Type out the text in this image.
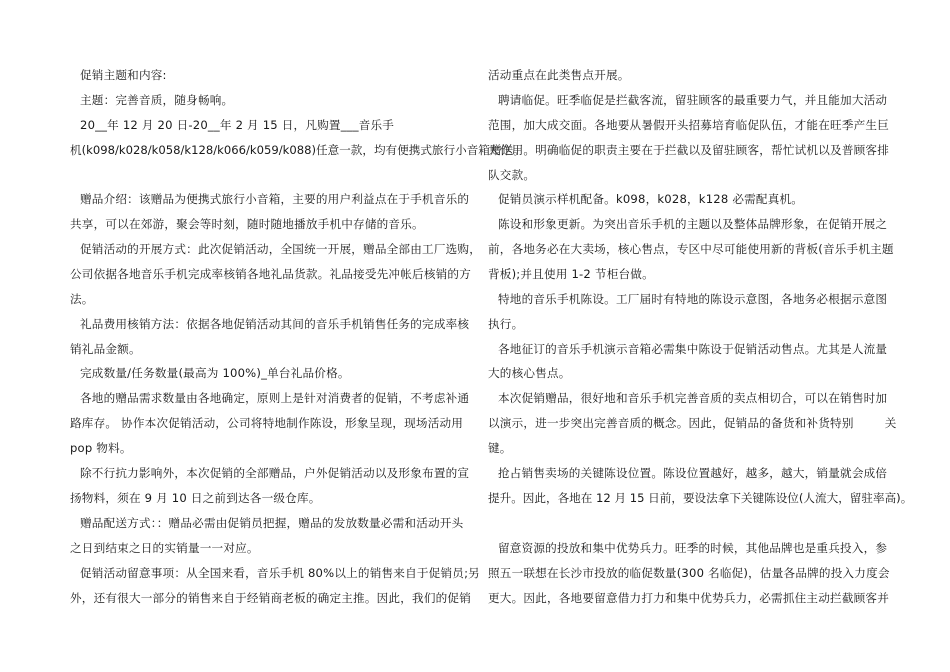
促销主题和内容:
主题：完善音质，随身畅响。
20__年 12 月 20 日-20__年 2 月 15 日，凡购置___音乐手
机(k098/k028/k058/k128/k066/k059/k088)任意一款，均有便携式旅行小音箱赠送。
赠品介绍：该赠品为便携式旅行小音箱，主要的用户利益点在于手机音乐的
共享，可以在郊游，聚会等时刻，随时随地播放手机中存储的音乐。
促销活动的开展方式：此次促销活动，全国统一开展，赠品全部由工厂选购，
公司依据各地音乐手机完成率核销各地礼品货款。礼品接受先冲帐后核销的方
法。
礼品费用核销方法：依据各地促销活动其间的音乐手机销售任务的完成率核
销礼品金额。
完成数量/任务数量(最高为 100%)_单台礼品价格。
各地的赠品需求数量由各地确定，原则上是针对消费者的促销，不考虑补通
路库存。 协作本次促销活动，公司将特地制作陈设，形象呈现，现场活动用
pop 物料。
除不行抗力影响外，本次促销的全部赠品，户外促销活动以及形象布置的宣
扬物料，须在 9 月 10 日之前到达各一级仓库。
赠品配送方式：：赠品必需由促销员把握，赠品的发放数量必需和活动开头
之日到结束之日的实销量一一对应。
促销活动留意事项：从全国来看，音乐手机 80%以上的销售来自于促销员;另
外，还有很大一部分的销售来自于经销商老板的确定主推。因此，我们的促销
活动重点在此类售点开展。
聘请临促。旺季临促是拦截客流，留驻顾客的最重要力气，并且能加大活动
范围，加大成交面。各地要从暑假开头招募培育临促队伍，才能在旺季产生巨
大作用。明确临促的职责主要在于拦截以及留驻顾客，帮忙试机以及普顾客排
队交款。
促销员演示样机配备。k098，k028，k128 必需配真机。
陈设和形象更新。为突出音乐手机的主题以及整体品牌形象，在促销开展之
前，各地务必在大卖场，核心售点，专区中尽可能使用新的背板(音乐手机主题
背板);并且使用 1-2 节柜台做。
特地的音乐手机陈设。工厂届时有特地的陈设示意图，各地务必根据示意图
执行。
各地征订的音乐手机演示音箱必需集中陈设于促销活动售点。尤其是人流量
大的核心售点。
本次促销赠品，很好地和音乐手机完善音质的卖点相切合，可以在销售时加
以演示，进一步突出完善音质的概念。因此，促销品的备货和补货特别        关
键。
抢占销售卖场的关键陈设位置。陈设位置越好，越多，越大，销量就会成倍
提升。因此，各地在 12 月 15 日前，要设法拿下关键陈设位(人流大，留驻率高)。
留意资源的投放和集中优势兵力。旺季的时候，其他品牌也是重兵投入，参
照五一联想在长沙市投放的临促数量(300 名临促)，估量各品牌的投入力度会
更大。因此，各地要留意借力打力和集中优势兵力，必需抓住主动拦截顾客并
